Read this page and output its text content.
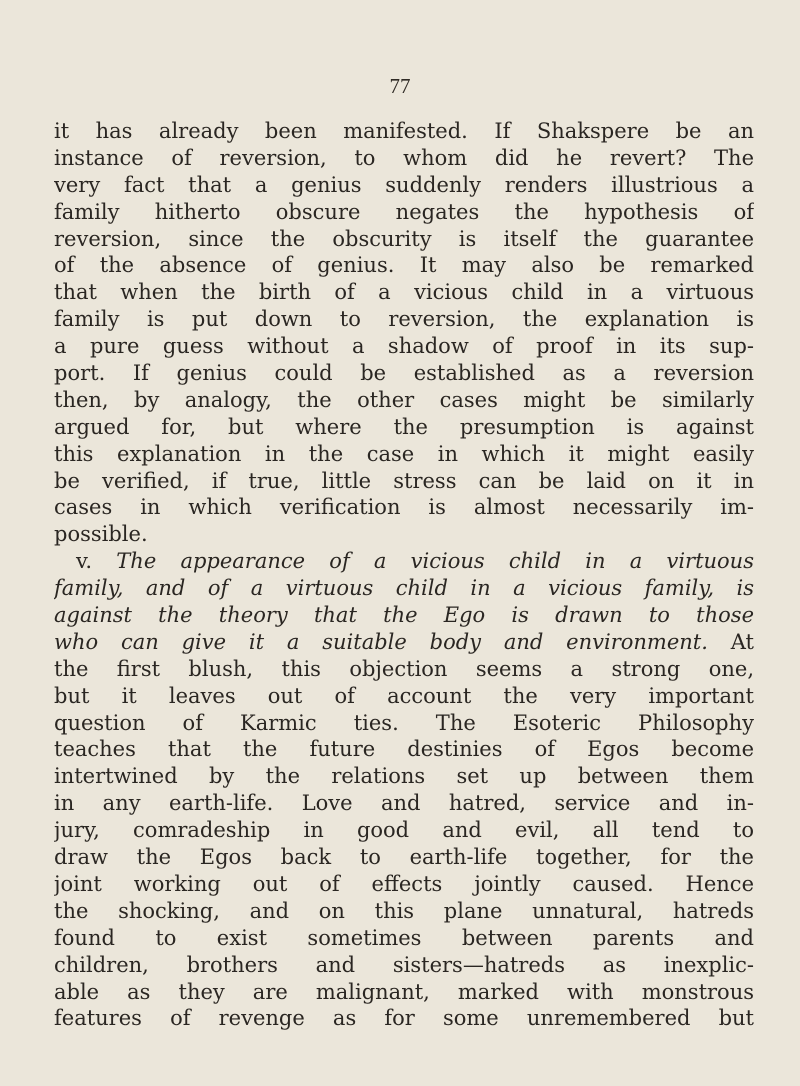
77
it has already been manifested. If Shakspere be an
instance of reversion, to whom did he revert? The
very fact that a genius suddenly renders illustrious a
family hitherto obscure negates the hypothesis of
reversion, since the obscurity is itself the guarantee
of the absence of genius. It may also be remarked
that when the birth of a vicious child in a virtuous
family is put down to reversion, the explanation is
a pure guess without a shadow of proof in its sup-
port. If genius could be established as a reversion
then, by analogy, the other cases might be similarly
argued for, but where the presumption is against
this explanation in the case in which it might easily
be verified, if true, little stress can be laid on it in
cases in which verification is almost necessarily im-
possible.
v. The appearance of a vicious child in a virtuous
family, and of a virtuous child in a vicious family, is
against the theory that the Ego is drawn to those
who can give it a suitable body and environment. At
the first blush, this objection seems a strong one,
but it leaves out of account the very important
question of Karmic ties. The Esoteric Philosophy
teaches that the future destinies of Egos become
intertwined by the relations set up between them
in any earth-life. Love and hatred, service and in-
jury, comradeship in good and evil, all tend to
draw the Egos back to earth-life together, for the
joint working out of effects jointly caused. Hence
the shocking, and on this plane unnatural, hatreds
found to exist sometimes between parents and
children, brothers and sisters—hatreds as inexplic-
able as they are malignant, marked with monstrous
features of revenge as for some unremembered but
